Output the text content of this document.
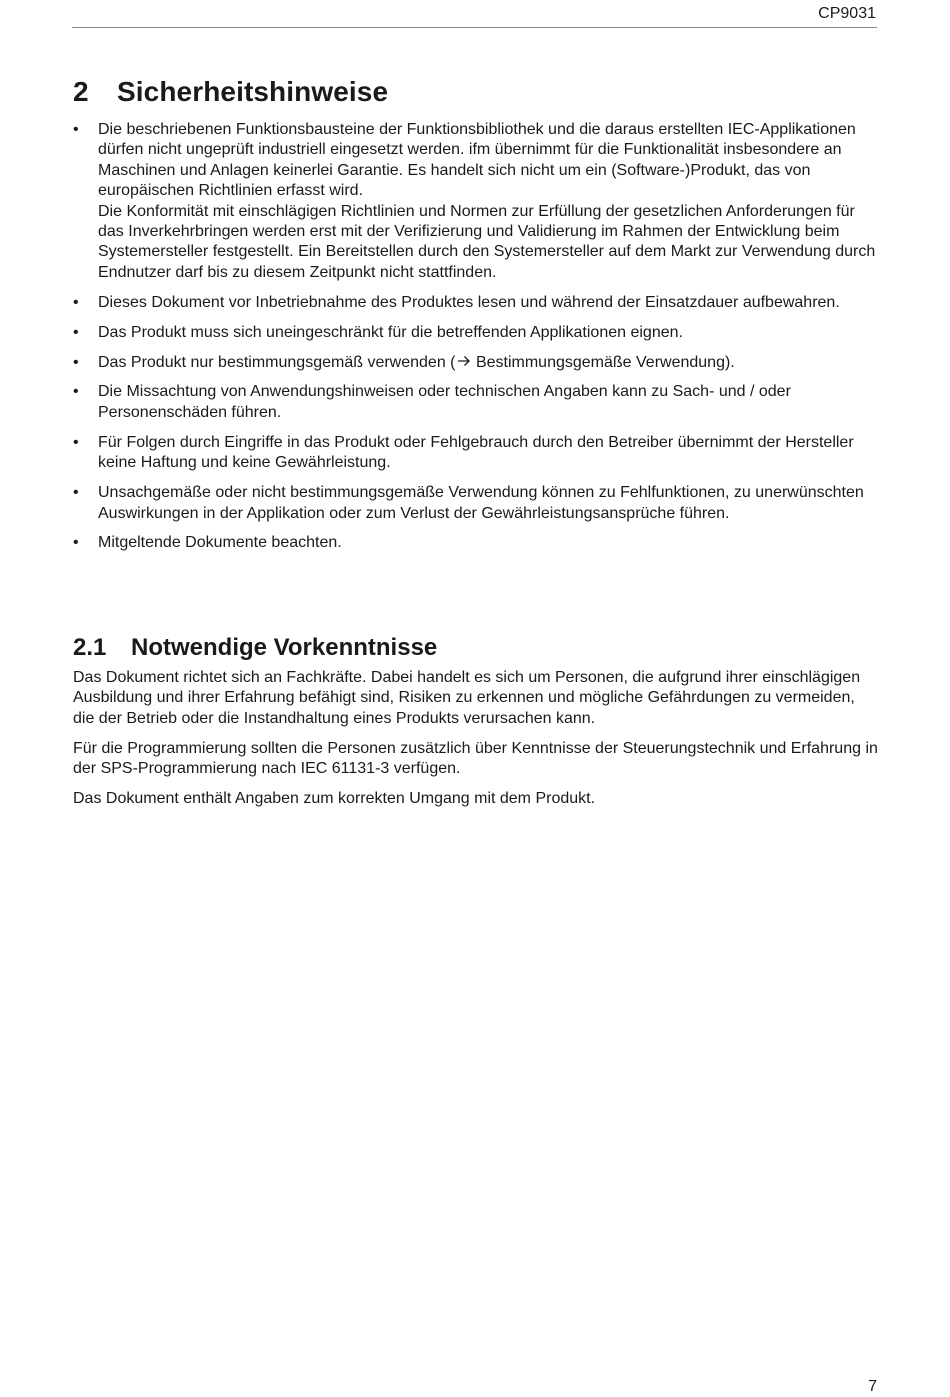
CP9031
2	Sicherheitshinweise
• Die beschriebenen Funktionsbausteine der Funktionsbibliothek und die daraus erstellten IEC-Applikationen dürfen nicht ungeprüft industriell eingesetzt werden. ifm übernimmt für die Funktionalität insbesondere an Maschinen und Anlagen keinerlei Garantie. Es handelt sich nicht um ein (Software-)Produkt, das von europäischen Richtlinien erfasst wird.

Die Konformität mit einschlägigen Richtlinien und Normen zur Erfüllung der gesetzlichen Anforderungen für das Inverkehrbringen werden erst mit der Verifizierung und Validierung im Rahmen der Entwicklung beim Systemersteller festgestellt. Ein Bereitstellen durch den Systemersteller auf dem Markt zur Verwendung durch Endnutzer darf bis zu diesem Zeitpunkt nicht stattfinden.

• Dieses Dokument vor Inbetriebnahme des Produktes lesen und während der Einsatzdauer aufbewahren.

• Das Produkt muss sich uneingeschränkt für die betreffenden Applikationen eignen.

• Das Produkt nur bestimmungsgemäß verwenden ( Bestimmungsgemäße Verwendung).

• Die Missachtung von Anwendungshinweisen oder technischen Angaben kann zu Sach- und / oder Personenschäden führen.

• Für Folgen durch Eingriffe in das Produkt oder Fehlgebrauch durch den Betreiber übernimmt der Hersteller keine Haftung und keine Gewährleistung.

• Unsachgemäße oder nicht bestimmungsgemäße Verwendung können zu Fehlfunktionen, zu unerwünschten Auswirkungen in der Applikation oder zum Verlust der Gewährleistungsansprüche führen.

• Mitgeltende Dokumente beachten.

2.1	Notwendige Vorkenntnisse

Das Dokument richtet sich an Fachkräfte. Dabei handelt es sich um Personen, die aufgrund ihrer einschlägigen Ausbildung und ihrer Erfahrung befähigt sind, Risiken zu erkennen und mögliche Gefährdungen zu vermeiden, die der Betrieb oder die Instandhaltung eines Produkts verursachen kann.

Für die Programmierung sollten die Personen zusätzlich über Kenntnisse der Steuerungstechnik und Erfahrung in der SPS-Programmierung nach IEC 61131-3 verfügen.

Das Dokument enthält Angaben zum korrekten Umgang mit dem Produkt.

7
